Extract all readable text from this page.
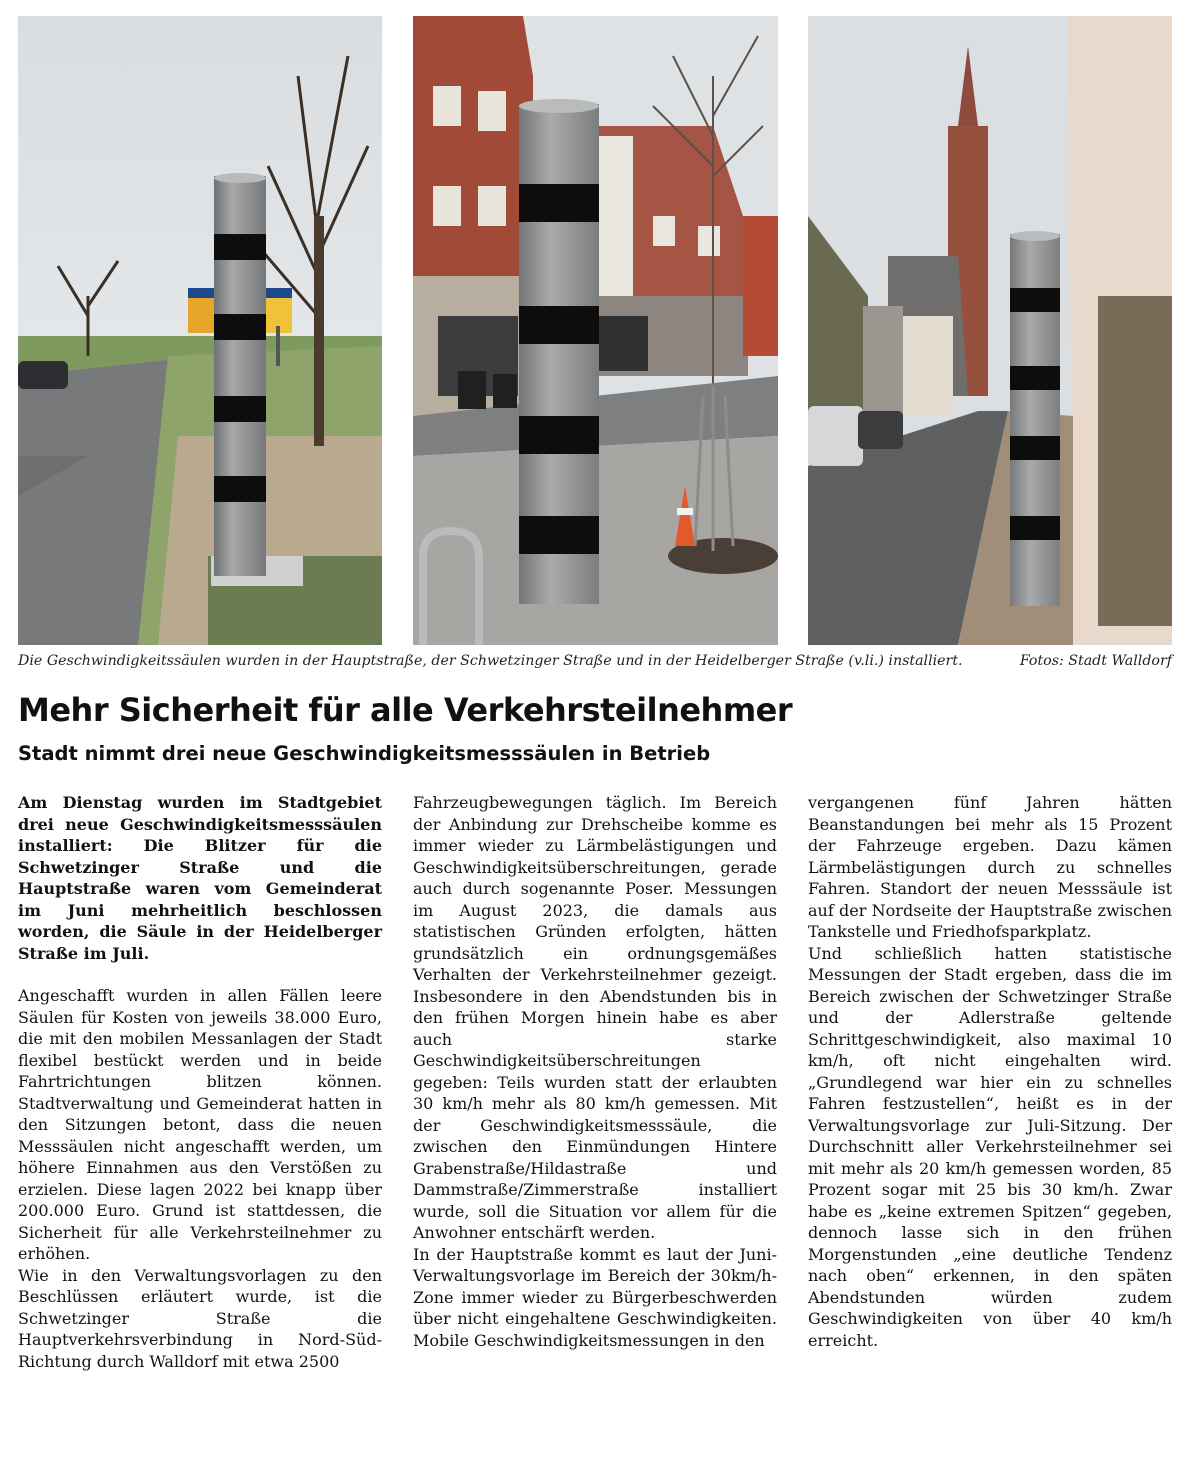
Die Geschwindigkeitssäulen wurden in der Hauptstraße, der Schwetzinger Straße und in der Heidelberger Straße (v.li.) installiert.	Fotos: Stadt Walldorf
Mehr Sicherheit für alle Verkehrsteilnehmer
Stadt nimmt drei neue Geschwindigkeitsmesssäulen in Betrieb

Am Dienstag wurden im Stadtgebiet drei neue Geschwindigkeitsmesssäulen installiert: Die Blitzer für die Schwetzinger Straße und die Hauptstraße waren vom Gemeinderat im Juni mehrheitlich beschlossen worden, die Säule in der Heidelberger Straße im Juli.

Angeschafft wurden in allen Fällen leere Säulen für Kosten von jeweils 38.000 Euro, die mit den mobilen Messanlagen der Stadt flexibel bestückt werden und in beide Fahrtrichtungen blitzen können. Stadtverwaltung und Gemeinderat hatten in den Sitzungen betont, dass die neuen Messsäulen nicht angeschafft werden, um höhere Einnahmen aus den Verstößen zu erzielen. Diese lagen 2022 bei knapp über 200.000 Euro. Grund ist stattdessen, die Sicherheit für alle Verkehrsteilnehmer zu erhöhen.

Wie in den Verwaltungsvorlagen zu den Beschlüssen erläutert wurde, ist die Schwetzinger Straße die Hauptverkehrsverbindung in Nord-Süd-Richtung durch Walldorf mit etwa 2500

Fahrzeugbewegungen täglich. Im Bereich der Anbindung zur Drehscheibe komme es immer wieder zu Lärmbelästigungen und Geschwindigkeitsüberschreitungen, gerade auch durch sogenannte Poser. Messungen im August 2023, die damals aus statistischen Gründen erfolgten, hätten grundsätzlich ein ordnungsgemäßes Verhalten der Verkehrsteilnehmer gezeigt. Insbesondere in den Abendstunden bis in den frühen Morgen hinein habe es aber auch starke Geschwindigkeitsüberschreitungen gegeben: Teils wurden statt der erlaubten 30 km/h mehr als 80 km/h gemessen. Mit der Geschwindigkeitsmesssäule, die zwischen den Einmündungen Hintere Grabenstraße/Hildastraße und Dammstraße/Zimmerstraße installiert wurde, soll die Situation vor allem für die Anwohner entschärft werden.

In der Hauptstraße kommt es laut der Juni-Verwaltungsvorlage im Bereich der 30km/h-Zone immer wieder zu Bürgerbeschwerden über nicht eingehaltene Geschwindigkeiten. Mobile Geschwindigkeitsmessungen in den

vergangenen fünf Jahren hätten Beanstandungen bei mehr als 15 Prozent der Fahrzeuge ergeben. Dazu kämen Lärmbelästigungen durch zu schnelles Fahren. Standort der neuen Messsäule ist auf der Nordseite der Hauptstraße zwischen Tankstelle und Friedhofsparkplatz.

Und schließlich hatten statistische Messungen der Stadt ergeben, dass die im Bereich zwischen der Schwetzinger Straße und der Adlerstraße geltende Schrittgeschwindigkeit, also maximal 10 km/h, oft nicht eingehalten wird. „Grundlegend war hier ein zu schnelles Fahren festzustellen“, heißt es in der Verwaltungsvorlage zur Juli-Sitzung. Der Durchschnitt aller Verkehrsteilnehmer sei mit mehr als 20 km/h gemessen worden, 85 Prozent sogar mit 25 bis 30 km/h. Zwar habe es „keine extremen Spitzen“ gegeben, dennoch lasse sich in den frühen Morgenstunden „eine deutliche Tendenz nach oben“ erkennen, in den späten Abendstunden würden zudem Geschwindigkeiten von über 40 km/h erreicht.
